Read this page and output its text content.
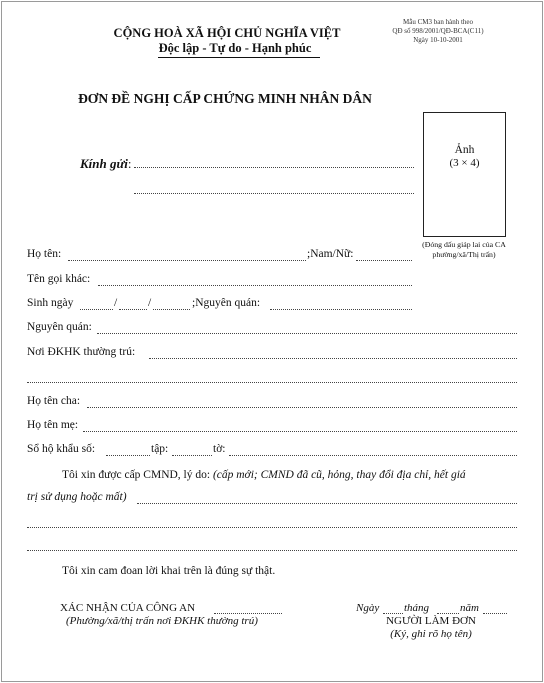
CỘNG HOÀ XÃ HỘI CHỦ NGHĨA VIỆT
Độc lập - Tự do - Hạnh phúc
Mẫu CM3 ban hành theo
QĐ số 998/2001/QĐ-BCA(C11)
Ngày 10-10-2001
ĐƠN ĐỀ NGHỊ CẤP CHỨNG MINH NHÂN DÂN
Ảnh
(3 × 4)
(Đóng dấu giáp lai của CA phường/xã/Thị trấn)
Kính gửi:
Họ tên:	;Nam/Nữ:
Tên gọi khác:
Sinh ngày	/	/	;Nguyên quán:
Nguyên quán:
Nơi ĐKHK thường trú:
Họ tên cha:
Họ tên mẹ:
Sổ hộ khẩu số:	tập:	tờ:
Tôi xin được cấp CMND, lý do: (cấp mới; CMND đã cũ, hỏng, thay đổi địa chỉ, hết giá
trị sử dụng hoặc mất)
Tôi xin cam đoan lời khai trên là đúng sự thật.
XÁC NHẬN CỦA CÔNG AN
(Phường/xã/thị trấn nơi ĐKHK thường trú)
Ngày tháng	năm
NGƯỜI LÀM ĐƠN
(Ký, ghi rõ họ tên)
